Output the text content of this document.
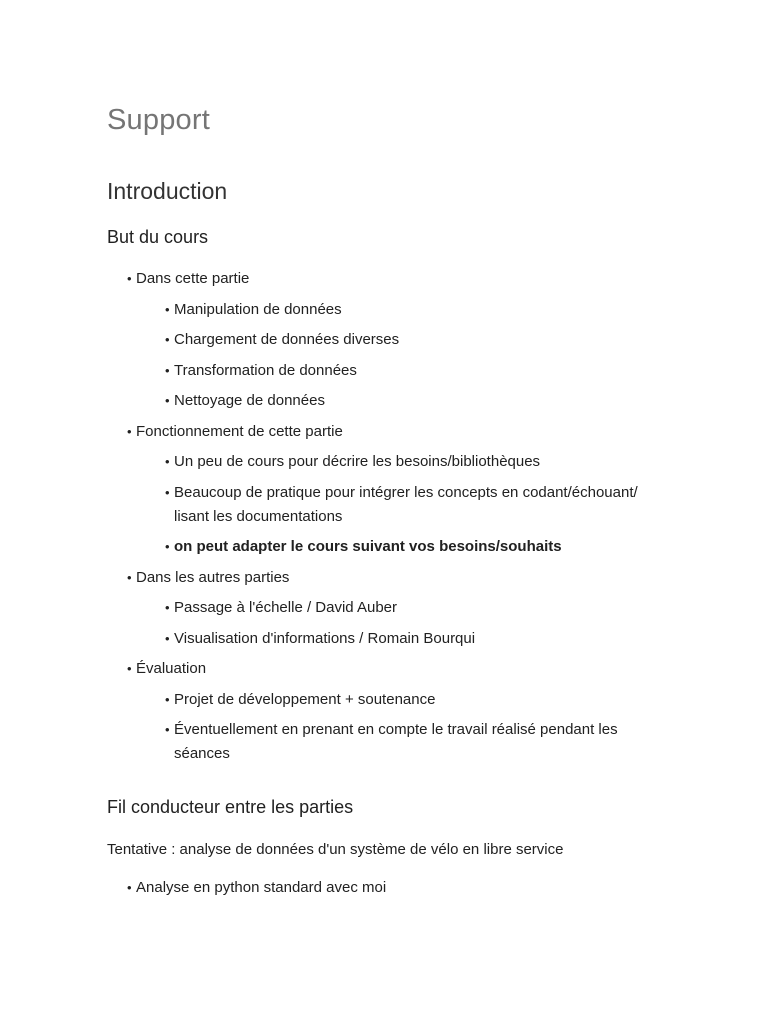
Support
Introduction
But du cours
• Dans cette partie
• Manipulation de données
• Chargement de données diverses
• Transformation de données
• Nettoyage de données
• Fonctionnement de cette partie
• Un peu de cours pour décrire les besoins/bibliothèques
• Beaucoup de pratique pour intégrer les concepts en codant/échouant/ lisant les documentations
• on peut adapter le cours suivant vos besoins/souhaits
• Dans les autres parties
• Passage à l'échelle / David Auber
• Visualisation d'informations / Romain Bourqui
• Évaluation
• Projet de développement + soutenance
• Éventuellement en prenant en compte le travail réalisé pendant les séances
Fil conducteur entre les parties

Tentative : analyse de données d'un système de vélo en libre service

• Analyse en python standard avec moi
